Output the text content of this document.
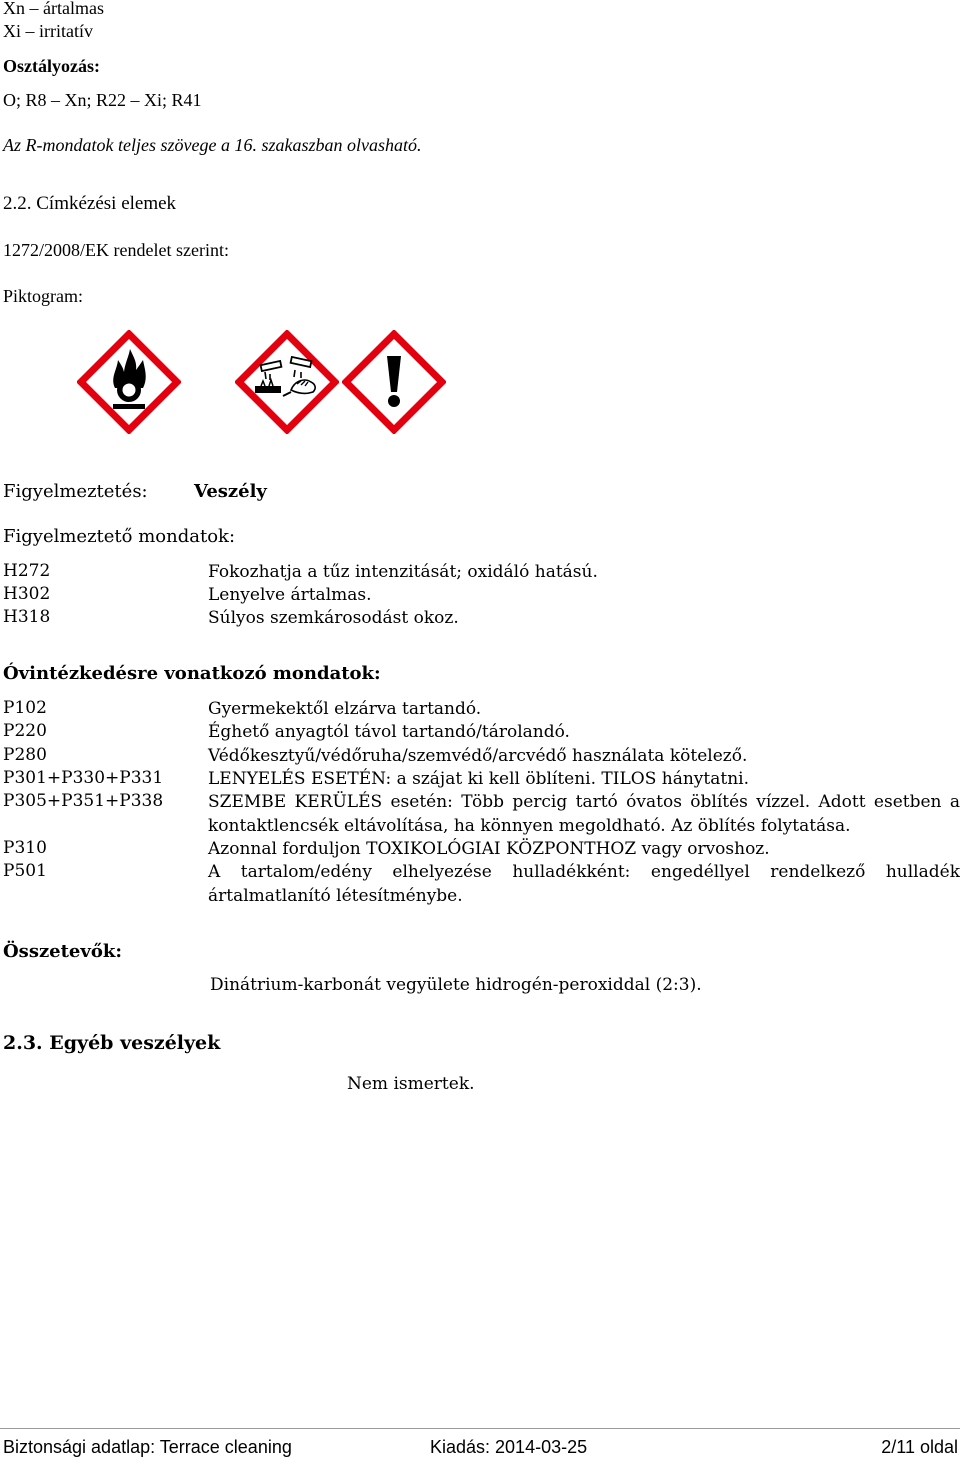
Xn – ártalmas
Xi – irritatív
Osztályozás:
O; R8 – Xn; R22 – Xi; R41
Az R-mondatok teljes szövege a 16. szakaszban olvasható.
2.2. Címkézési elemek
1272/2008/EK rendelet szerint:
Piktogram:
Figyelmeztetés:	Veszély
Figyelmeztető mondatok:
H272	Fokozhatja a tűz intenzitását; oxidáló hatású.
H302	Lenyelve ártalmas.
H318	Súlyos szemkárosodást okoz.
Óvintézkedésre vonatkozó mondatok:
P102	Gyermekektől elzárva tartandó.
P220	Éghető anyagtól távol tartandó/tárolandó.
P280	Védőkesztyű/védőruha/szemvédő/arcvédő használata kötelező.
P301+P330+P331	LENYELÉS ESETÉN: a szájat ki kell öblíteni. TILOS hánytatni.
P305+P351+P338	SZEMBE KERÜLÉS esetén: Több percig tartó óvatos öblítés vízzel. Adott esetben a kontaktlencsék eltávolítása, ha könnyen megoldható. Az öblítés folytatása.
P310	Azonnal forduljon TOXIKOLÓGIAI KÖZPONTHOZ vagy orvoshoz.
P501	A tartalom/edény elhelyezése hulladékként: engedéllyel rendelkező hulladék ártalmatlanító létesítménybe.
Összetevők:
Dinátrium-karbonát vegyülete hidrogén-peroxiddal (2:3).
2.3. Egyéb veszélyek
Nem ismertek.
Biztonsági adatlap: Terrace cleaning	Kiadás: 2014-03-25	2/11 oldal
